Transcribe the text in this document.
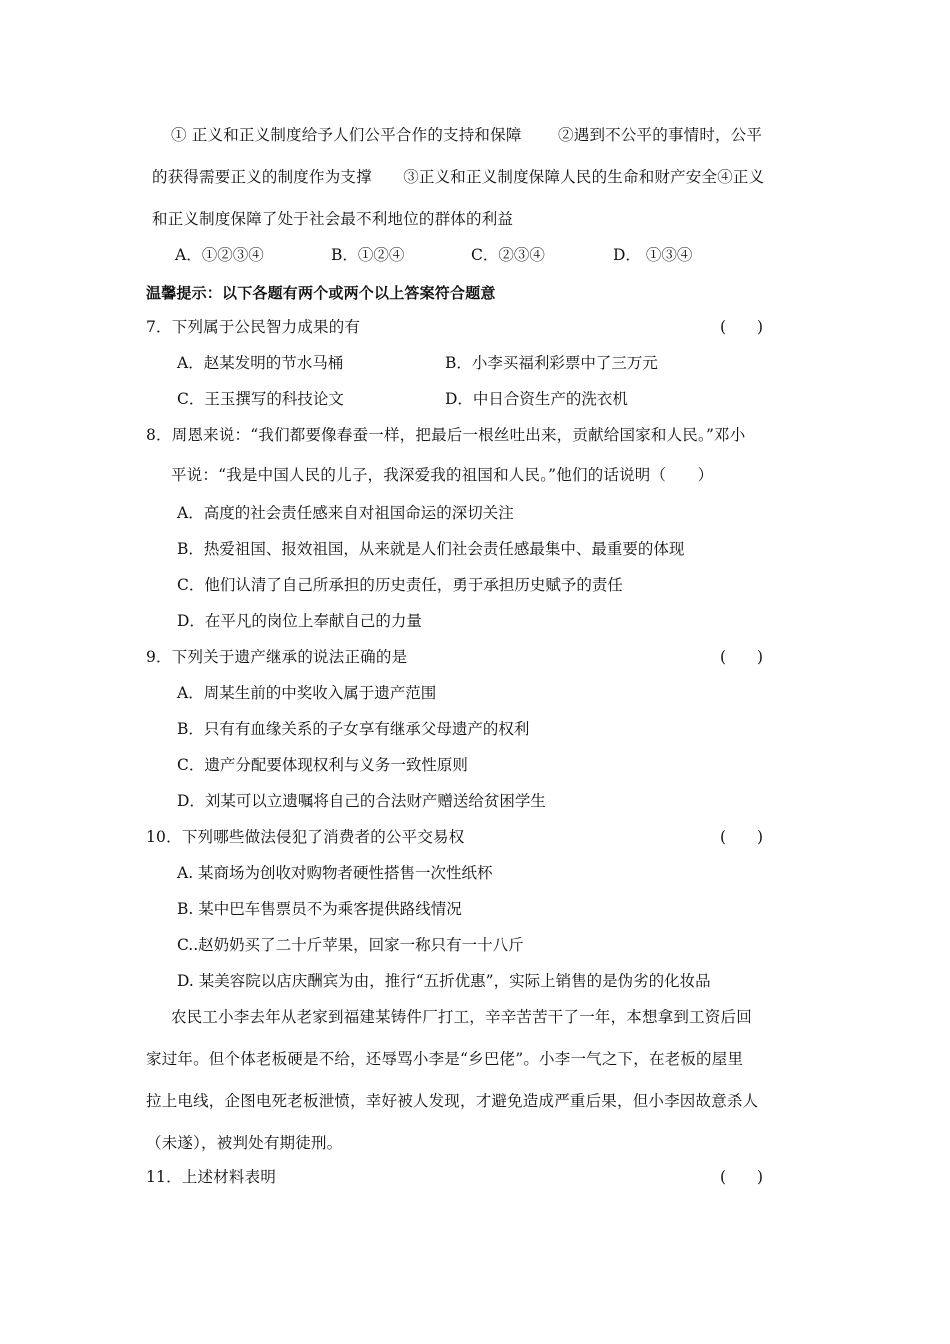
① 正义和正义制度给予人们公平合作的支持和保障　　 ②遇到不公平的事情时，公平
的获得需要正义的制度作为支撑　　③正义和正义制度保障人民的生命和财产安全④正义
和正义制度保障了处于社会最不利地位的群体的利益
A．①②③④	B．①②④	C．②③④	D． ①③④
温馨提示：以下各题有两个或两个以上答案符合题意
7．下列属于公民智力成果的有	(　　)
A．赵某发明的节水马桶	B．小李买福利彩票中了三万元
C．王玉撰写的科技论文	D．中日合资生产的洗衣机
8．周恩来说：“我们都要像春蚕一样，把最后一根丝吐出来，贡献给国家和人民。”邓小
平说：“我是中国人民的儿子，我深爱我的祖国和人民。”他们的话说明（　　）
A．高度的社会责任感来自对祖国命运的深切关注
B．热爱祖国、报效祖国，从来就是人们社会责任感最集中、最重要的体现
C．他们认清了自己所承担的历史责任，勇于承担历史赋予的责任
D．在平凡的岗位上奉献自己的力量
9．下列关于遗产继承的说法正确的是	(　　)
A．周某生前的中奖收入属于遗产范围
B．只有有血缘关系的子女享有继承父母遗产的权利
C．遗产分配要体现权利与义务一致性原则
D．刘某可以立遗嘱将自己的合法财产赠送给贫困学生
10．下列哪些做法侵犯了消费者的公平交易权	(　　)
A. 某商场为创收对购物者硬性搭售一次性纸杯
B. 某中巴车售票员不为乘客提供路线情况
C..赵奶奶买了二十斤苹果，回家一称只有一十八斤
D. 某美容院以店庆酬宾为由，推行“五折优惠”，实际上销售的是伪劣的化妆品
农民工小李去年从老家到福建某铸件厂打工，辛辛苦苦干了一年，本想拿到工资后回
家过年。但个体老板硬是不给，还辱骂小李是“乡巴佬”。小李一气之下，在老板的屋里
拉上电线，企图电死老板泄愤，幸好被人发现，才避免造成严重后果，但小李因故意杀人
（未遂），被判处有期徒刑。
11．上述材料表明	(　　)
